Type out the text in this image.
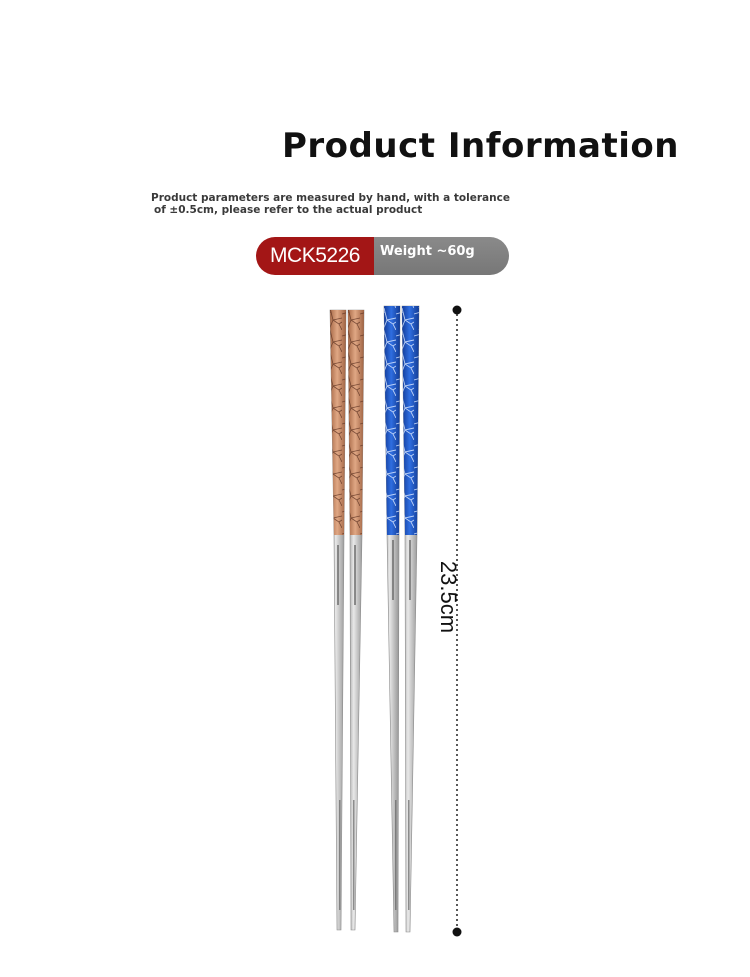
Product Information
Product parameters are measured by hand, with a tolerance
of ±0.5cm, please refer to the actual product
MCK5226	Weight ~60g
23.5cm
